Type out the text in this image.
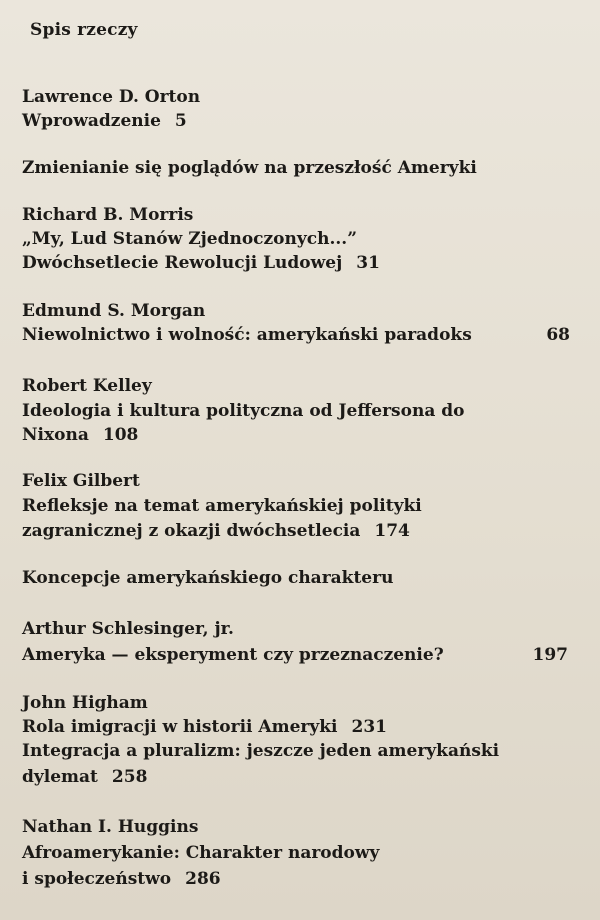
Spis rzeczy
Lawrence D. Orton
Wprowadzenie 5
Zmienianie się poglądów na przeszłość Ameryki
Richard B. Morris
„My, Lud Stanów Zjednoczonych...”
Dwóchsetlecie Rewolucji Ludowej 31
Edmund S. Morgan
Niewolnictwo i wolność: amerykański paradoks	68
Robert Kelley
Ideologia i kultura polityczna od Jeffersona do
Nixona 108
Felix Gilbert
Refleksje na temat amerykańskiej polityki
zagranicznej z okazji dwóchsetlecia 174
Koncepcje amerykańskiego charakteru
Arthur Schlesinger, jr.
Ameryka — eksperyment czy przeznaczenie?	197
John Higham
Rola imigracji w historii Ameryki 231
Integracja a pluralizm: jeszcze jeden amerykański
dylemat 258
Nathan I. Huggins
Afroamerykanie: Charakter narodowy
i społeczeństwo 286
